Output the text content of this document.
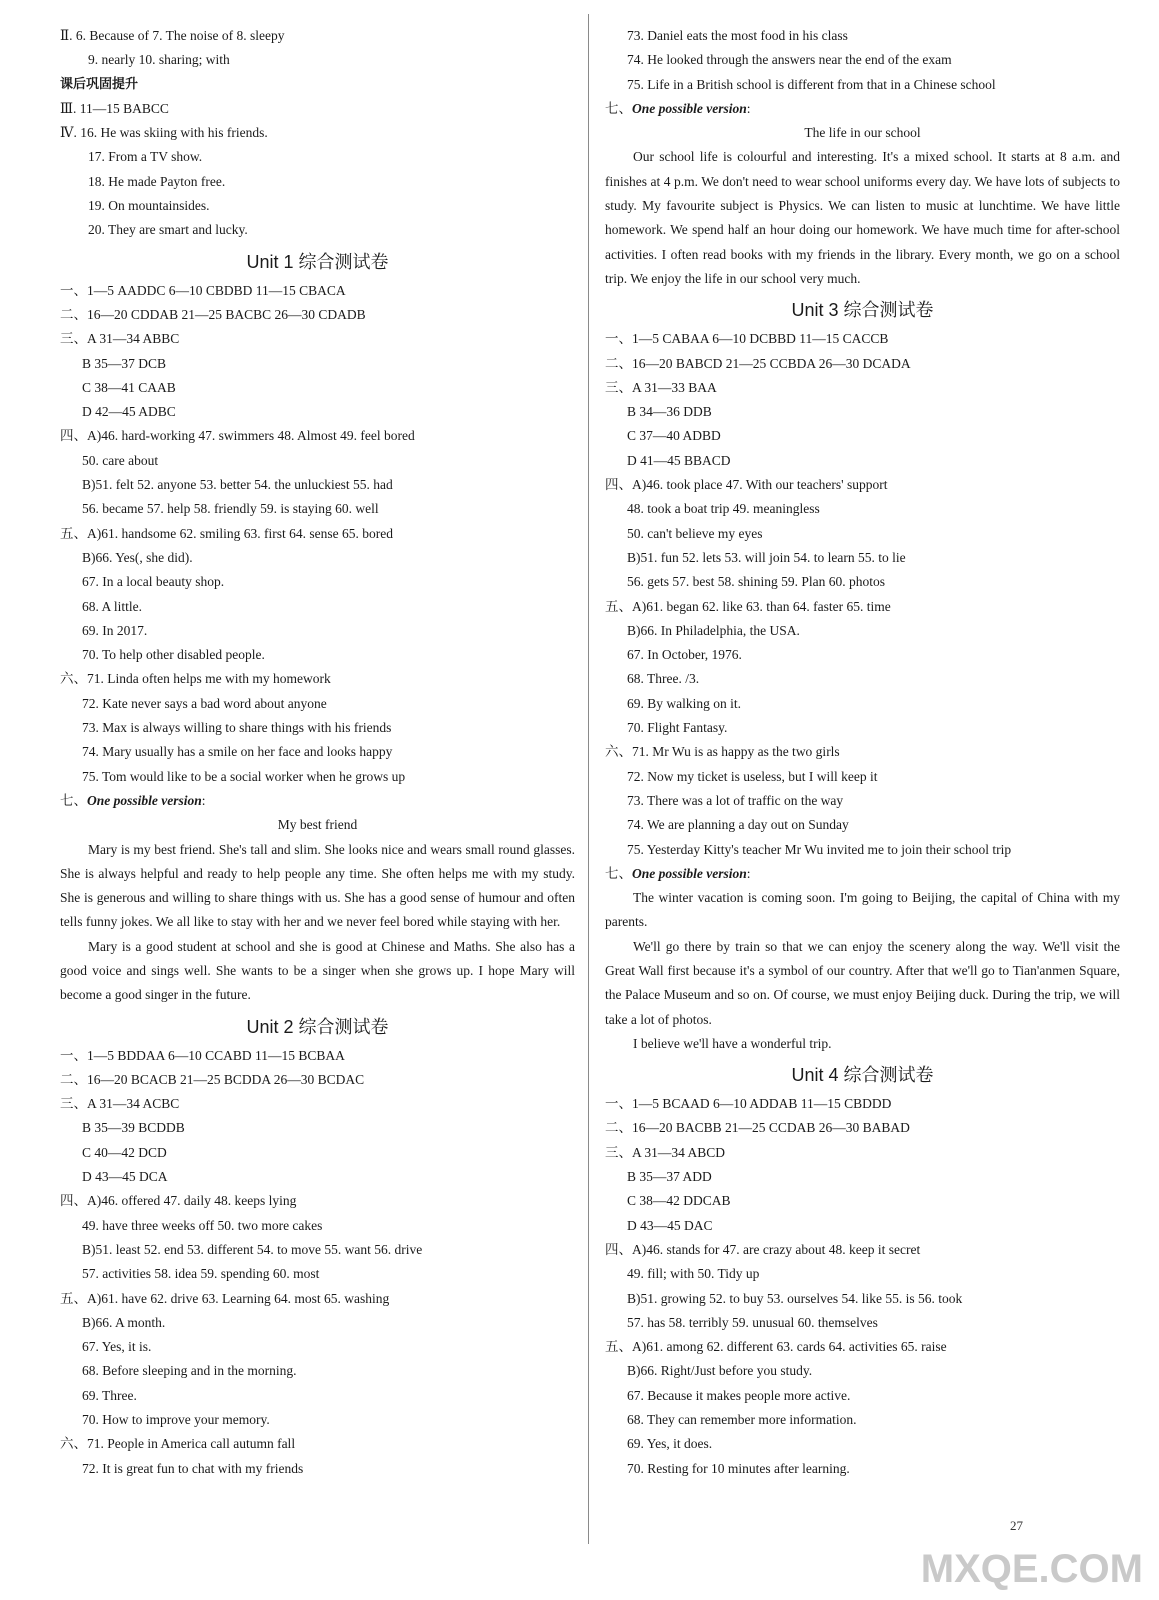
Ⅱ. 6. Because of 7. The noise of 8. sleepy
9. nearly 10. sharing; with
课后巩固提升
Ⅲ. 11—15 BABCC
Ⅳ. 16. He was skiing with his friends.
17. From a TV show.
18. He made Payton free.
19. On mountainsides.
20. They are smart and lucky.
Unit 1 综合测试卷
一、1—5 AADDC 6—10 CBDBD 11—15 CBACA
二、16—20 CDDAB 21—25 BACBC 26—30 CDADB
三、A 31—34 ABBC
B 35—37 DCB
C 38—41 CAAB
D 42—45 ADBC
四、A)46. hard-working 47. swimmers 48. Almost 49. feel bored
50. care about
B)51. felt 52. anyone 53. better 54. the unluckiest 55. had
56. became 57. help 58. friendly 59. is staying 60. well
五、A)61. handsome 62. smiling 63. first 64. sense 65. bored
B)66. Yes(, she did).
67. In a local beauty shop.
68. A little.
69. In 2017.
70. To help other disabled people.
六、71. Linda often helps me with my homework
72. Kate never says a bad word about anyone
73. Max is always willing to share things with his friends
74. Mary usually has a smile on her face and looks happy
75. Tom would like to be a social worker when he grows up
七、One possible version:
My best friend

Mary is my best friend. She's tall and slim. She looks nice and wears small round glasses. She is always helpful and ready to help people any time. She often helps me with my study. She is generous and willing to share things with us. She has a good sense of humour and often tells funny jokes. We all like to stay with her and we never feel bored while staying with her.

Mary is a good student at school and she is good at Chinese and Maths. She also has a good voice and sings well. She wants to be a singer when she grows up. I hope Mary will become a good singer in the future.

Unit 2 综合测试卷
一、1—5 BDDAA 6—10 CCABD 11—15 BCBAA
二、16—20 BCACB 21—25 BCDDA 26—30 BCDAC
三、A 31—34 ACBC
B 35—39 BCDDB
C 40—42 DCD
D 43—45 DCA
四、A)46. offered 47. daily 48. keeps lying
49. have three weeks off 50. two more cakes
B)51. least 52. end 53. different 54. to move 55. want 56. drive
57. activities 58. idea 59. spending 60. most
五、A)61. have 62. drive 63. Learning 64. most 65. washing
B)66. A month.
67. Yes, it is.
68. Before sleeping and in the morning.
69. Three.
70. How to improve your memory.
六、71. People in America call autumn fall
72. It is great fun to chat with my friends
73. Daniel eats the most food in his class
74. He looked through the answers near the end of the exam
75. Life in a British school is different from that in a Chinese school
七、One possible version:
The life in our school

Our school life is colourful and interesting. It's a mixed school. It starts at 8 a.m. and finishes at 4 p.m. We don't need to wear school uniforms every day. We have lots of subjects to study. My favourite subject is Physics. We can listen to music at lunchtime. We have little homework. We spend half an hour doing our homework. We have much time for after-school activities. I often read books with my friends in the library. Every month, we go on a school trip. We enjoy the life in our school very much.

Unit 3 综合测试卷
一、1—5 CABAA 6—10 DCBBD 11—15 CACCB
二、16—20 BABCD 21—25 CCBDA 26—30 DCADA
三、A 31—33 BAA
B 34—36 DDB
C 37—40 ADBD
D 41—45 BBACD
四、A)46. took place 47. With our teachers' support
48. took a boat trip 49. meaningless
50. can't believe my eyes
B)51. fun 52. lets 53. will join 54. to learn 55. to lie
56. gets 57. best 58. shining 59. Plan 60. photos
五、A)61. began 62. like 63. than 64. faster 65. time
B)66. In Philadelphia, the USA.
67. In October, 1976.
68. Three. /3.
69. By walking on it.
70. Flight Fantasy.
六、71. Mr Wu is as happy as the two girls
72. Now my ticket is useless, but I will keep it
73. There was a lot of traffic on the way
74. We are planning a day out on Sunday
75. Yesterday Kitty's teacher Mr Wu invited me to join their school trip
七、One possible version:

The winter vacation is coming soon. I'm going to Beijing, the capital of China with my parents.

We'll go there by train so that we can enjoy the scenery along the way. We'll visit the Great Wall first because it's a symbol of our country. After that we'll go to Tian'anmen Square, the Palace Museum and so on. Of course, we must enjoy Beijing duck. During the trip, we will take a lot of photos.

I believe we'll have a wonderful trip.

Unit 4 综合测试卷
一、1—5 BCAAD 6—10 ADDAB 11—15 CBDDD
二、16—20 BACBB 21—25 CCDAB 26—30 BABAD
三、A 31—34 ABCD
B 35—37 ADD
C 38—42 DDCAB
D 43—45 DAC
四、A)46. stands for 47. are crazy about 48. keep it secret
49. fill; with 50. Tidy up
B)51. growing 52. to buy 53. ourselves 54. like 55. is 56. took
57. has 58. terribly 59. unusual 60. themselves
五、A)61. among 62. different 63. cards 64. activities 65. raise
B)66. Right/Just before you study.
67. Because it makes people more active.
68. They can remember more information.
69. Yes, it does.
70. Resting for 10 minutes after learning.
27
MXQE.COM
